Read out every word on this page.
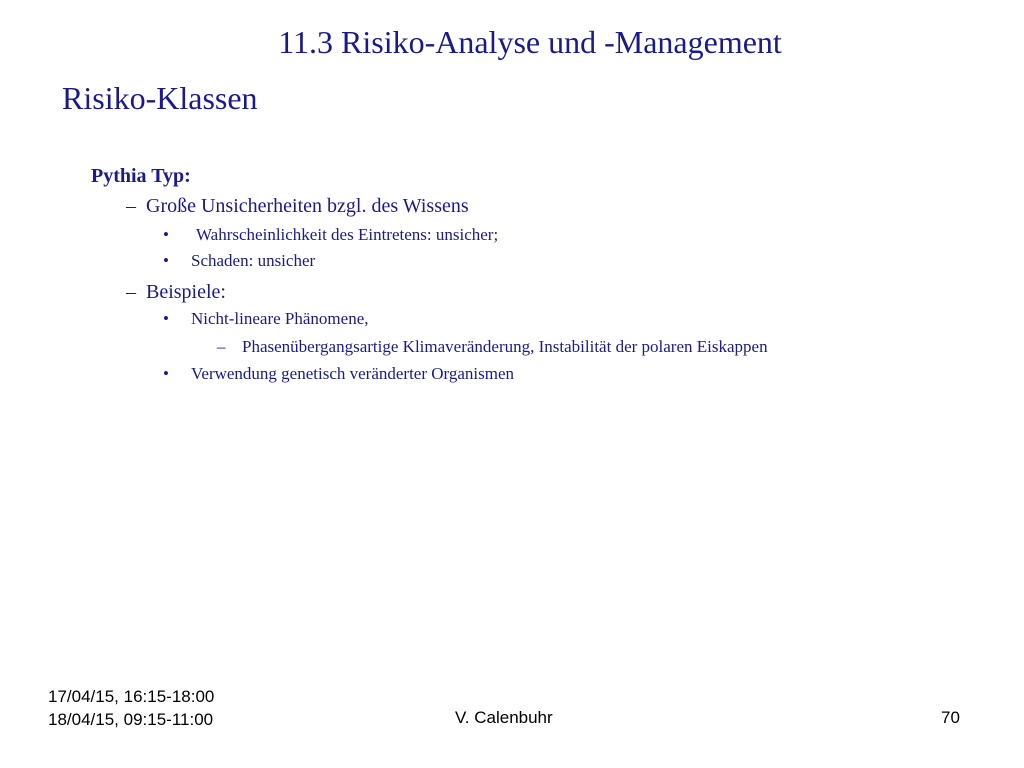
11.3 Risiko-Analyse und -Management
Risiko-Klassen
Pythia Typ:
– Große Unsicherheiten bzgl. des Wissens
• Wahrscheinlichkeit des Eintretens: unsicher;
• Schaden: unsicher
– Beispiele:
• Nicht-lineare Phänomene,
– Phasenübergangsartige Klimaveränderung, Instabilität der polaren Eiskappen
• Verwendung genetisch veränderter Organismen
17/04/15, 16:15-18:00
18/04/15, 09:15-11:00	V. Calenbuhr	70
